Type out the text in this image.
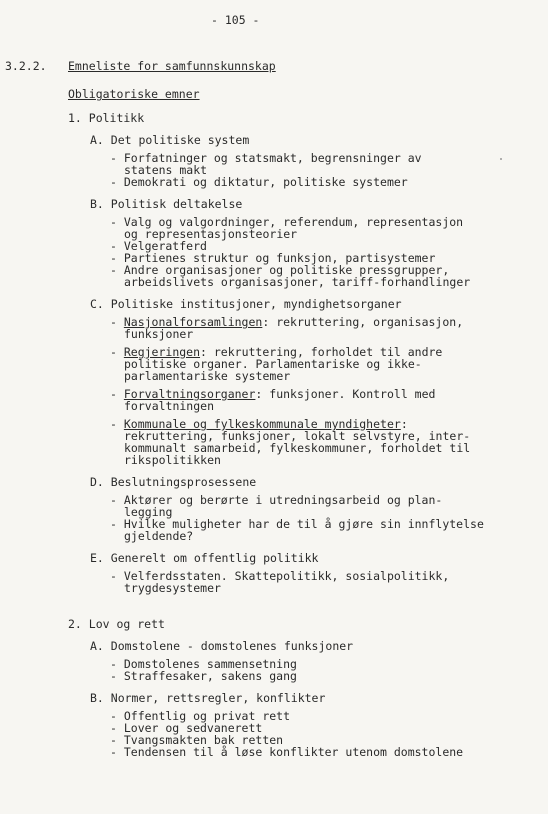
- 105 -
3.2.2. Emneliste for samfunnskunnskap
Obligatoriske emner
1. Politikk
A. Det politiske system
- Forfatninger og statsmakt, begrensninger av
statens makt
- Demokrati og diktatur, politiske systemer
B. Politisk deltakelse
- Valg og valgordninger, referendum, representasjon
og representasjonsteorier
- Velgeratferd
- Partienes struktur og funksjon, partisystemer
- Andre organisasjoner og politiske pressgrupper,
arbeidslivets organisasjoner, tariff-forhandlinger
C. Politiske institusjoner, myndighetsorganer
- Nasjonalforsamlingen: rekruttering, organisasjon,
funksjoner
- Regjeringen: rekruttering, forholdet til andre
politiske organer. Parlamentariske og ikke-
parlamentariske systemer
- Forvaltningsorganer: funksjoner. Kontroll med
forvaltningen
- Kommunale og fylkeskommunale myndigheter:
rekruttering, funksjoner, lokalt selvstyre, inter-
kommunalt samarbeid, fylkeskommuner, forholdet til
rikspolitikken
D. Beslutningsprosessene
- Aktører og berørte i utredningsarbeid og plan-
legging
- Hvilke muligheter har de til å gjøre sin innflytelse
gjeldende?
E. Generelt om offentlig politikk
- Velferdsstaten. Skattepolitikk, sosialpolitikk,
trygdesystemer
2. Lov og rett
A. Domstolene - domstolenes funksjoner
- Domstolenes sammensetning
- Straffesaker, sakens gang
B. Normer, rettsregler, konflikter
- Offentlig og privat rett
- Lover og sedvanerett
- Tvangsmakten bak retten
- Tendensen til å løse konflikter utenom domstolene
